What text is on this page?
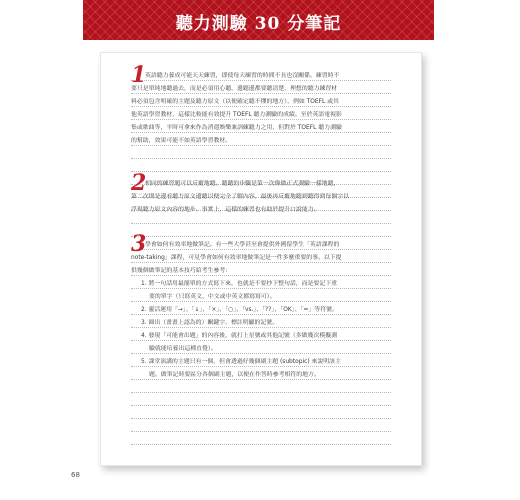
聽力測驗 30 分筆記
1
英語聽力養成可能天天練習，即使每天練習的時間不長也沒關係。練習時不
要只是單純地聽過去，而是必須用心聽，邊聽邊都要聽清楚，理想的聽力練習材
料必須包含明確的主題及聽力原文（以便確定聽不懂的地方），例如 TOEFL 或其
他英語學習教材，這樣比較能有效提升 TOEFL 聽力測驗的成績。至於英語電視影
集或歌曲等，平時可拿來作為消遣娛樂兼訓練聽力之用，但對於 TOEFL 聽力測驗
的幫助，效果可能不如英語學習教材。
2
相同的練習題可以反覆地聽。聽聽的步驟是第一次像做正式測驗一樣地聽，
第二次則是邊看聽力原文邊聽以便完全了解內容，最後再反覆地聽到聽得到每個字以
浮現聽力原文內容的地步。事實上，這樣的練習也有助於提升口說能力。
3
學會如何有效率地做筆記。有一些大學甚至會提供外國留學生「英語課程的
note-taking」課程，可見學會如何有效率地做筆記是一件多麼重要的事。以下提
供幾個做筆記的基本技巧給考生參考：
1. 將一句話用最簡單的方式寫下來，也就是不要抄下整句話，而是要記下重
要的單字（只寫英文、中文或中英文都寫寫可）。
2. 靈活運用「→」、「↓」、「×」、「○」、「vs.」、「??」、「OK」、「=」等符號。
3. 圈出（畫畫上認為的）關鍵字，標註明顯的記號。
4. 發現「可能會出題」的內容後，就打上星號或其他記號（多做幾次模擬測
驗就能培養出這種直覺）。
5. 課堂演講的主題只有一個，但會透過好幾個副主題 (subtopic) 來說明該主
題。做筆記時要區分各個副主題，以便在作答時參考相符的地方。
68
